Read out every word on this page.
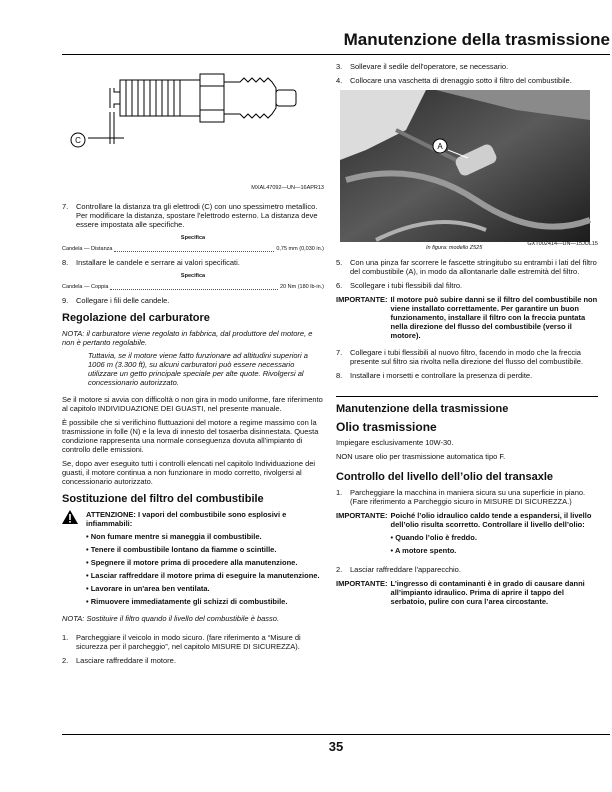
Manutenzione della trasmissione
C
MXAL47092—UN—16APR13
7.	Controllare la distanza tra gli elettrodi (C) con uno spessimetro metallico. Per modificare la distanza, spostare l'elettrodo esterno. La distanza deve essere impostata alle specifiche.
Specifica
Candela — Distanza	0,75 mm (0,030 in.)
8.	Installare le candele e serrare ai valori specificati.
Specifica
Candela — Coppia	20 Nm (180 lb-in.)
9.	Collegare i fili delle candele.
Regolazione del carburatore
NOTA: il carburatore viene regolato in fabbrica, dal produttore del motore, e non è pertanto regolabile.
Tuttavia, se il motore viene fatto funzionare ad altitudini superiori a 1006 m (3.300 ft), su alcuni carburatori può essere necessario utilizzare un getto principale speciale per alte quote. Rivolgersi al concessionario autorizzato.

Se il motore si avvia con difficoltà o non gira in modo uniforme, fare riferimento al capitolo INDIVIDUAZIONE DEI GUASTI, nel presente manuale.

È possibile che si verifichino fluttuazioni del motore a regime massimo con la trasmissione in folle (N) e la leva di innesto del tosaerba disinnestata. Questa condizione rappresenta una normale conseguenza dovuta all'impianto di controllo delle emissioni.

Se, dopo aver eseguito tutti i controlli elencati nel capitolo Individuazione dei guasti, il motore continua a non funzionare in modo corretto, rivolgersi al concessionario autorizzato.

Sostituzione del filtro del combustibile
ATTENZIONE: I vapori del combustibile sono esplosivi e infiammabili:
• Non fumare mentre si maneggia il combustibile.
• Tenere il combustibile lontano da fiamme o scintille.
• Spegnere il motore prima di procedere alla manutenzione.
• Lasciar raffreddare il motore prima di eseguire la manutenzione.
• Lavorare in un'area ben ventilata.
• Rimuovere immediatamente gli schizzi di combustibile.
NOTA: Sostituire il filtro quando il livello del combustibile è basso.
1.	Parcheggiare il veicolo in modo sicuro. (fare riferimento a “Misure di sicurezza per il parcheggio”, nel capitolo MISURE DI SICUREZZA).
2.	Lasciare raffreddare il motore.
3.	Sollevare il sedile dell'operatore, se necessario.
4.	Collocare una vaschetta di drenaggio sotto il filtro del combustibile.
A
In figura: modello Z525
GXT002414—UN—15JUL15
5.	Con una pinza far scorrere le fascette stringitubo su entrambi i lati del filtro del combustibile (A), in modo da allontanarle dalle estremità del filtro.
6.	Scollegare i tubi flessibili dal filtro.
IMPORTANTE: Il motore può subire danni se il filtro del combustibile non viene installato correttamente. Per garantire un buon funzionamento, installare il filtro con la freccia puntata nella direzione del flusso del combustibile (verso il motore).
7.	Collegare i tubi flessibili al nuovo filtro, facendo in modo che la freccia presente sul filtro sia rivolta nella direzione del flusso del combustibile.
8.	Installare i morsetti e controllare la presenza di perdite.
Manutenzione della trasmissione
Olio trasmissione

Impiegare esclusivamente 10W-30.

NON usare olio per trasmissione automatica tipo F.

Controllo del livello dell’olio del transaxle
1.	Parcheggiare la macchina in maniera sicura su una superficie in piano. (Fare riferimento a Parcheggio sicuro in MISURE DI SICUREZZA.)
IMPORTANTE: Poiché l’olio idraulico caldo tende a espandersi, il livello dell’olio risulta scorretto. Controllare il livello dell’olio:
• Quando l’olio è freddo.
• A motore spento.
2.	Lasciar raffreddare l'apparecchio.
IMPORTANTE: L’ingresso di contaminanti è in grado di causare danni all’impianto idraulico. Prima di aprire il tappo del serbatoio, pulire con cura l’area circostante.
35
